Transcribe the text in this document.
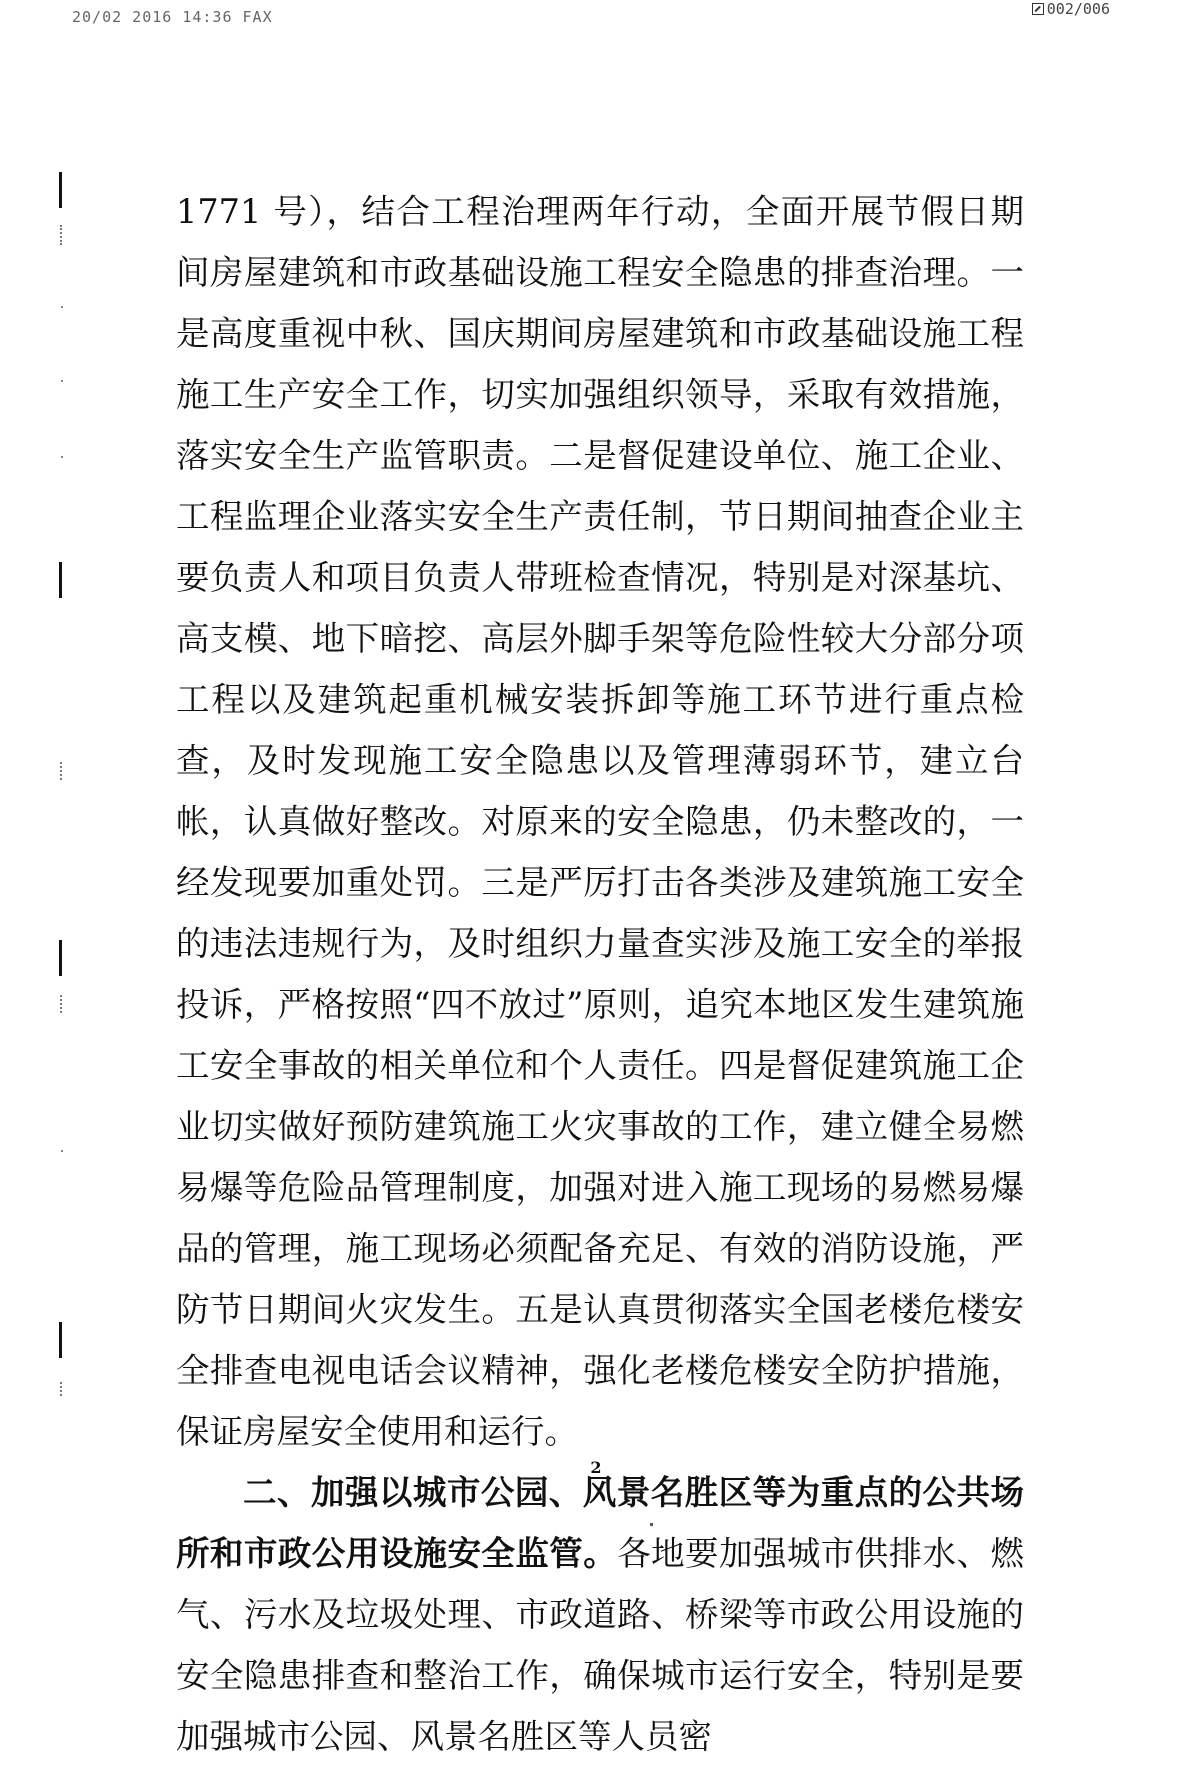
20/02 2016 14:36 FAX	002/006

1771 号），结合工程治理两年行动，全面开展节假日期间房屋建筑和市政基础设施工程安全隐患的排查治理。一是高度重视中秋、国庆期间房屋建筑和市政基础设施工程施工生产安全工作，切实加强组织领导，采取有效措施，落实安全生产监管职责。二是督促建设单位、施工企业、工程监理企业落实安全生产责任制，节日期间抽查企业主要负责人和项目负责人带班检查情况，特别是对深基坑、高支模、地下暗挖、高层外脚手架等危险性较大分部分项工程以及建筑起重机械安装拆卸等施工环节进行重点检查，及时发现施工安全隐患以及管理薄弱环节，建立台帐，认真做好整改。对原来的安全隐患，仍未整改的，一经发现要加重处罚。三是严厉打击各类涉及建筑施工安全的违法违规行为，及时组织力量查实涉及施工安全的举报投诉，严格按照“四不放过”原则，追究本地区发生建筑施工安全事故的相关单位和个人责任。四是督促建筑施工企业切实做好预防建筑施工火灾事故的工作，建立健全易燃易爆等危险品管理制度，加强对进入施工现场的易燃易爆品的管理，施工现场必须配备充足、有效的消防设施，严防节日期间火灾发生。五是认真贯彻落实全国老楼危楼安全排查电视电话会议精神，强化老楼危楼安全防护措施，保证房屋安全使用和运行。

二、加强以城市公园、风景名胜区等为重点的公共场所和市政公用设施安全监管。各地要加强城市供排水、燃气、污水及垃圾处理、市政道路、桥梁等市政公用设施的安全隐患排查和整治工作，确保城市运行安全，特别是要加强城市公园、风景名胜区等人员密

2
